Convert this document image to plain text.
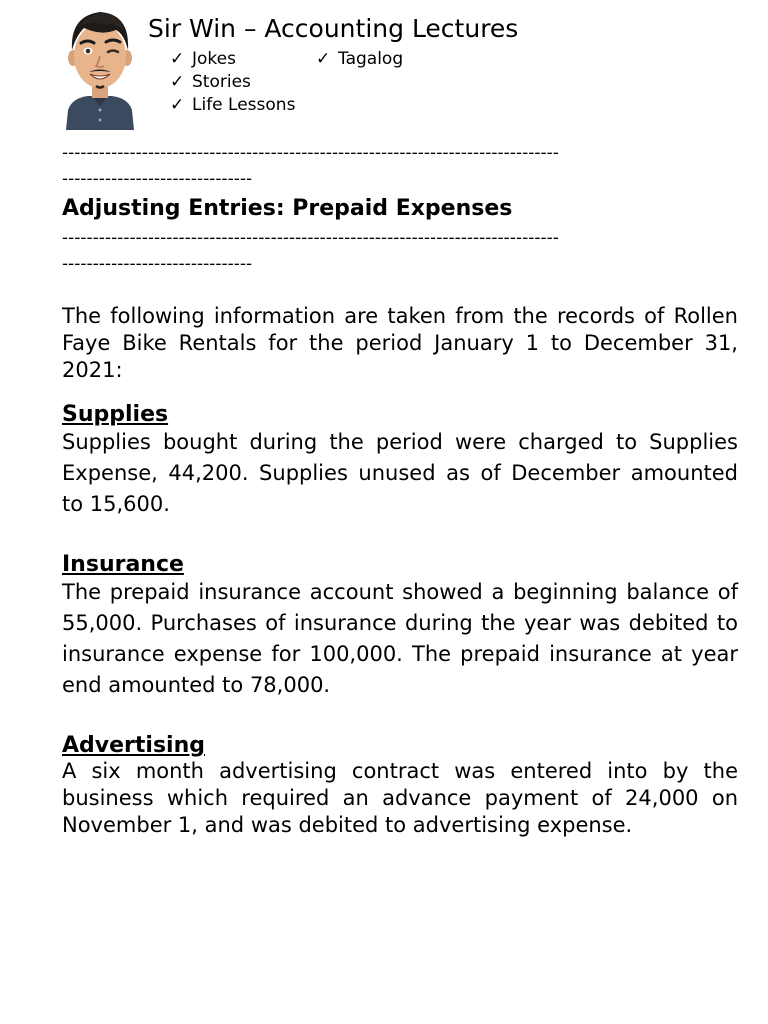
Sir Win – Accounting Lectures
✓ Jokes
✓ Stories
✓ Life Lessons
✓ Tagalog
---------------------------------------------------------------------------------
-------------------------------
Adjusting Entries: Prepaid Expenses
---------------------------------------------------------------------------------
-------------------------------
The following information are taken from the records of Rollen Faye Bike Rentals for the period January 1 to December 31, 2021:
Supplies
Supplies bought during the period were charged to Supplies Expense, 44,200. Supplies unused as of December amounted to 15,600.
Insurance
The prepaid insurance account showed a beginning balance of 55,000. Purchases of insurance during the year was debited to insurance expense for 100,000. The prepaid insurance at year end amounted to 78,000.
Advertising
A six month advertising contract was entered into by the business which required an advance payment of 24,000 on November 1, and was debited to advertising expense.
